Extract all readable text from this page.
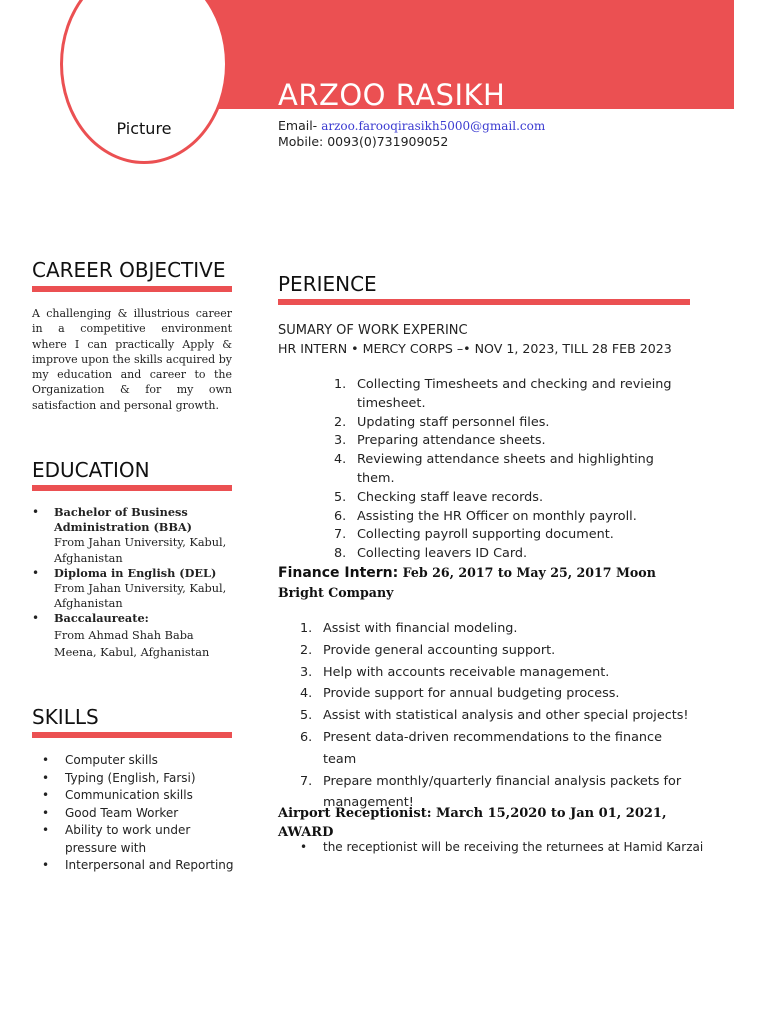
Picture
ARZOO RASIKH
Email- arzoo.farooqirasikh5000@gmail.com
Mobile: 0093(0)731909052
CAREER OBJECTIVE
A challenging & illustrious career in a competitive environment where I can practically Apply & improve upon the skills acquired by my education and career to the Organization & for my own satisfaction and personal growth.
EDUCATION
• Bachelor of Business Administration (BBA)
From Jahan University, Kabul, Afghanistan
• Diploma in English (DEL)
From Jahan University, Kabul, Afghanistan
• Baccalaureate:
From Ahmad Shah Baba Meena, Kabul, Afghanistan
SKILLS
• Computer skills
• Typing (English, Farsi)
• Communication skills
• Good Team Worker
• Ability to work under pressure with
• Interpersonal and Reporting
PERIENCE
SUMARY OF WORK EXPERINC
HR INTERN • MERCY CORPS –• NOV 1, 2023, TILL 28 FEB 2023
1. Collecting Timesheets and checking and revieing timesheet.
2. Updating staff personnel files.
3. Preparing attendance sheets.
4. Reviewing attendance sheets and highlighting them.
5. Checking staff leave records.
6. Assisting the HR Officer on monthly payroll.
7. Collecting payroll supporting document.
8. Collecting leavers ID Card.
Finance Intern: Feb 26, 2017 to May 25, 2017 Moon Bright Company
1. Assist with financial modeling.
2. Provide general accounting support.
3. Help with accounts receivable management.
4. Provide support for annual budgeting process.
5. Assist with statistical analysis and other special projects!
6. Present data-driven recommendations to the finance team
7. Prepare monthly/quarterly financial analysis packets for management!
Airport Receptionist: March 15,2020 to Jan 01, 2021, AWARD
• the receptionist will be receiving the returnees at Hamid Karzai
